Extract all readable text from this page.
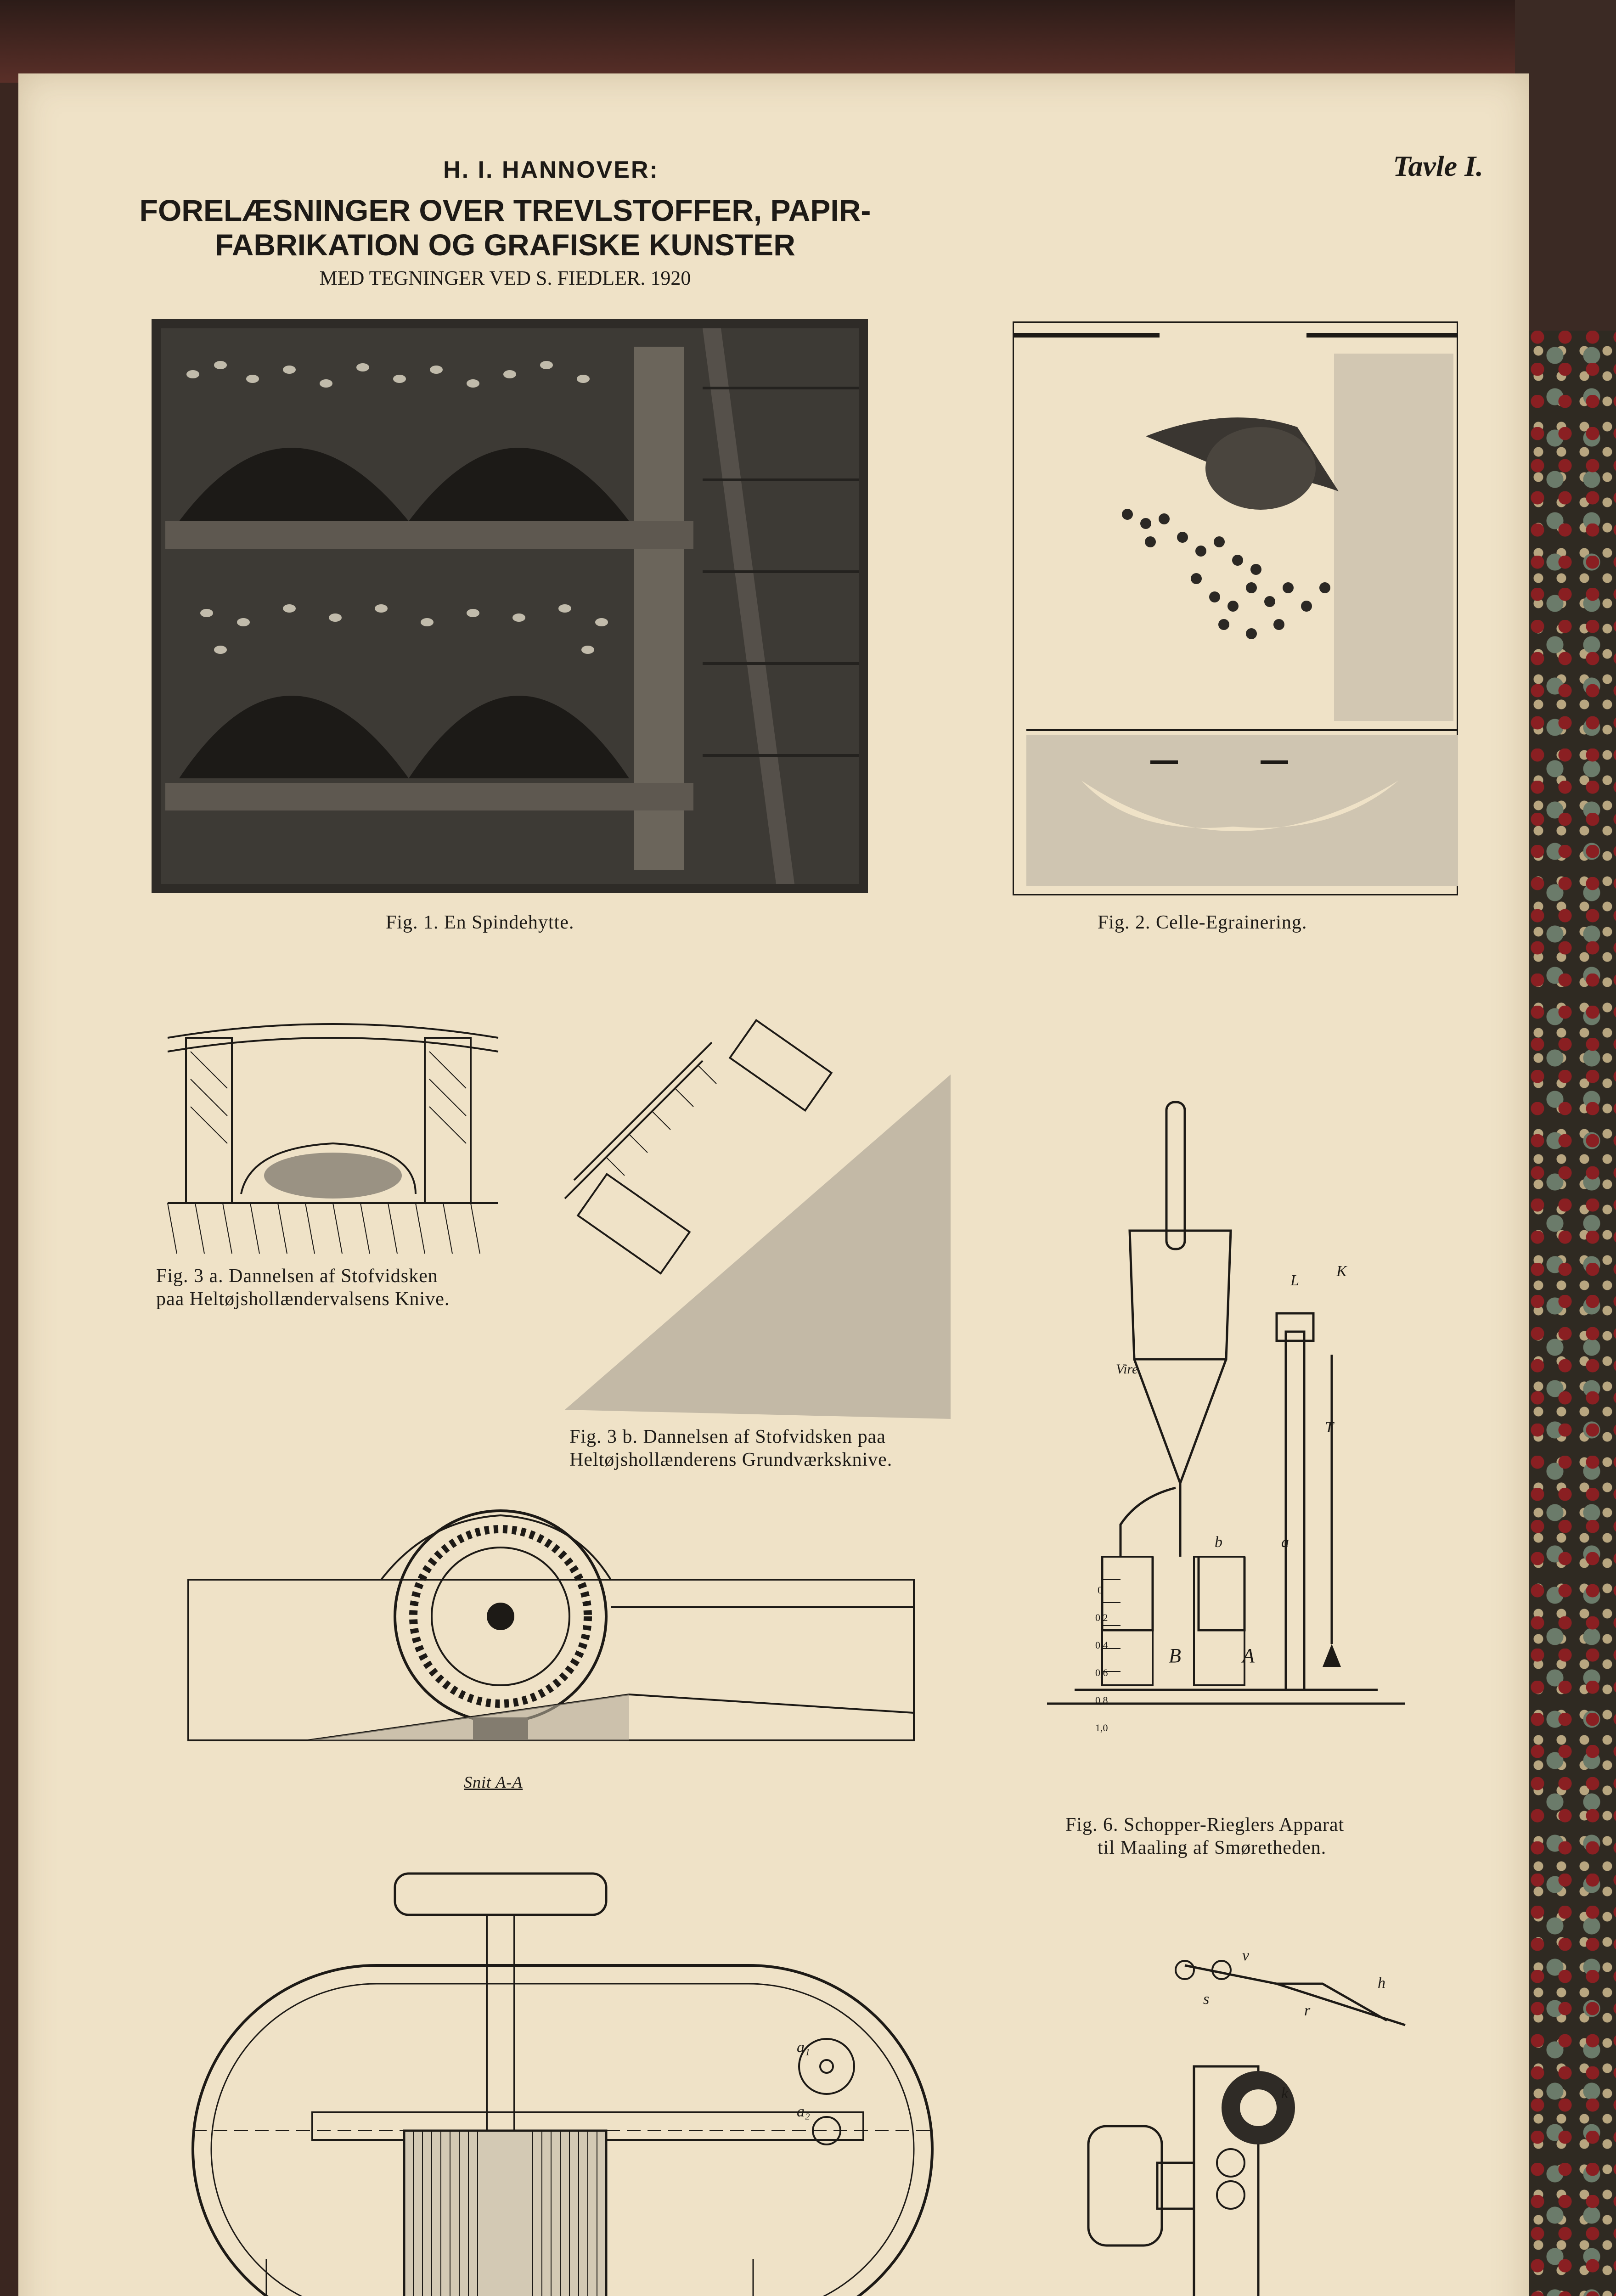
H. I. HANNOVER:
FORELÆSNINGER OVER TREVLSTOFFER, PAPIR-
FABRIKATION OG GRAFISKE KUNSTER
MED TEGNINGER VED S. FIEDLER. 1920
Tavle I.
Fig. 1. En Spindehytte.	Fig. 2. Celle-Egrainering.
Fig. 3 a. Dannelsen af Stofvidsken
paa Heltøjshollændervalsens Knive.
Fig. 3 b. Dannelsen af Stofvidsken paa
Heltøjshollænderens Grundværksknive.
Snit A-A
a₁
a₂
L
K
Vire
T
b	a
B	A
0
0,2
0,4
0,6
0,8
1,0
Fig. 6. Schopper-Rieglers Apparat
til Maaling af Smøretheden.
v
h
s
r
k
